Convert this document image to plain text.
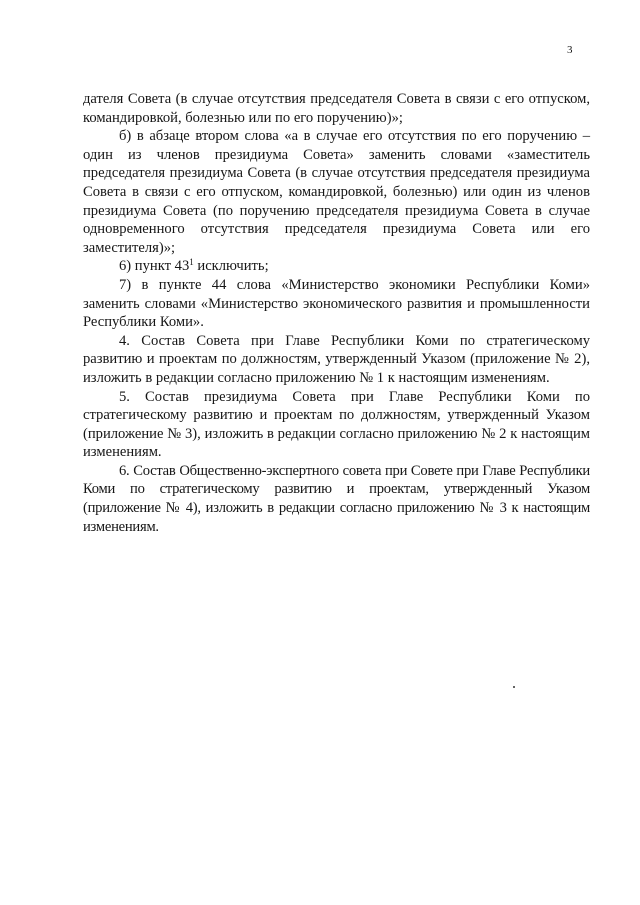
3

дателя Совета (в случае отсутствия председателя Совета в связи с его отпуском, командировкой, болезнью или по его поручению)»;

б) в абзаце втором слова «а в случае его отсутствия по его поручению – один из членов президиума Совета» заменить словами «заместитель председателя президиума Совета (в случае отсутствия председателя президиума Совета в связи с его отпуском, командировкой, болезнью) или один из членов президиума Совета (по поручению председателя президиума Совета в случае одновременного отсутствия председателя президиума Совета или его заместителя)»;

6) пункт $43^1$ исключить;

7) в пункте 44 слова «Министерство экономики Республики Коми» заменить словами «Министерство экономического развития и промышленности Республики Коми».

4. Состав Совета при Главе Республики Коми по стратегическому развитию и проектам по должностям, утвержденный Указом (приложение № 2), изложить в редакции согласно приложению № 1 к настоящим изменениям.

5. Состав президиума Совета при Главе Республики Коми по стратегическому развитию и проектам по должностям, утвержденный Указом (приложение № 3), изложить в редакции согласно приложению № 2 к настоящим изменениям.

6. Состав Общественно-экспертного совета при Совете при Главе Республики Коми по стратегическому развитию и проектам, утвержденный Указом (приложение № 4), изложить в редакции согласно приложению № 3 к настоящим изменениям.
